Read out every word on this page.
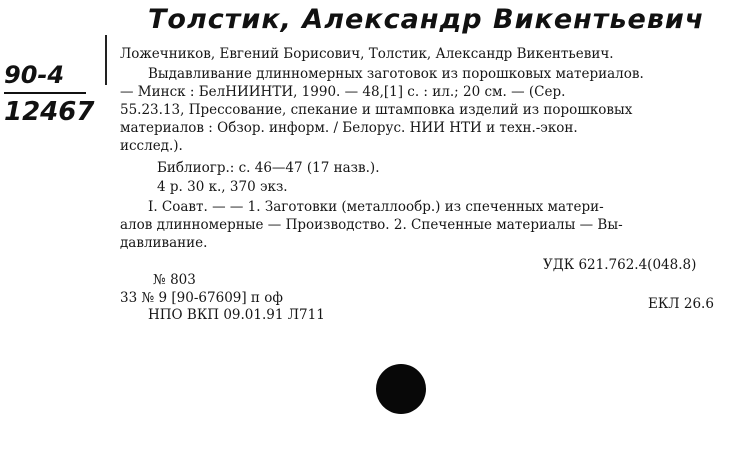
Толстик, Александр Викентьевич
90-4
12467
Ложечников, Евгений Борисович, Толстик, Александр Викентьевич.
Выдавливание длинномерных заготовок из порошковых материалов.
— Минск : БелНИИНТИ, 1990. — 48,[1] с. : ил.; 20 см. — (Сер.
55.23.13, Прессование, спекание и штамповка изделий из порошковых
материалов : Обзор. информ. / Белорус. НИИ НТИ и техн.-экон.
исслед.).
Библиогр.: с. 46—47 (17 назв.).
4 р. 30 к., 370 экз.
I. Соавт. — — 1. Заготовки (металлообр.) из спеченных матери-
алов длинномерные — Производство. 2. Спеченные материалы — Вы-
давливание.
УДК 621.762.4(048.8)
№ 803
33 № 9 [90-67609] п оф	ЕКЛ 26.6
НПО ВКП 09.01.91 Л711
